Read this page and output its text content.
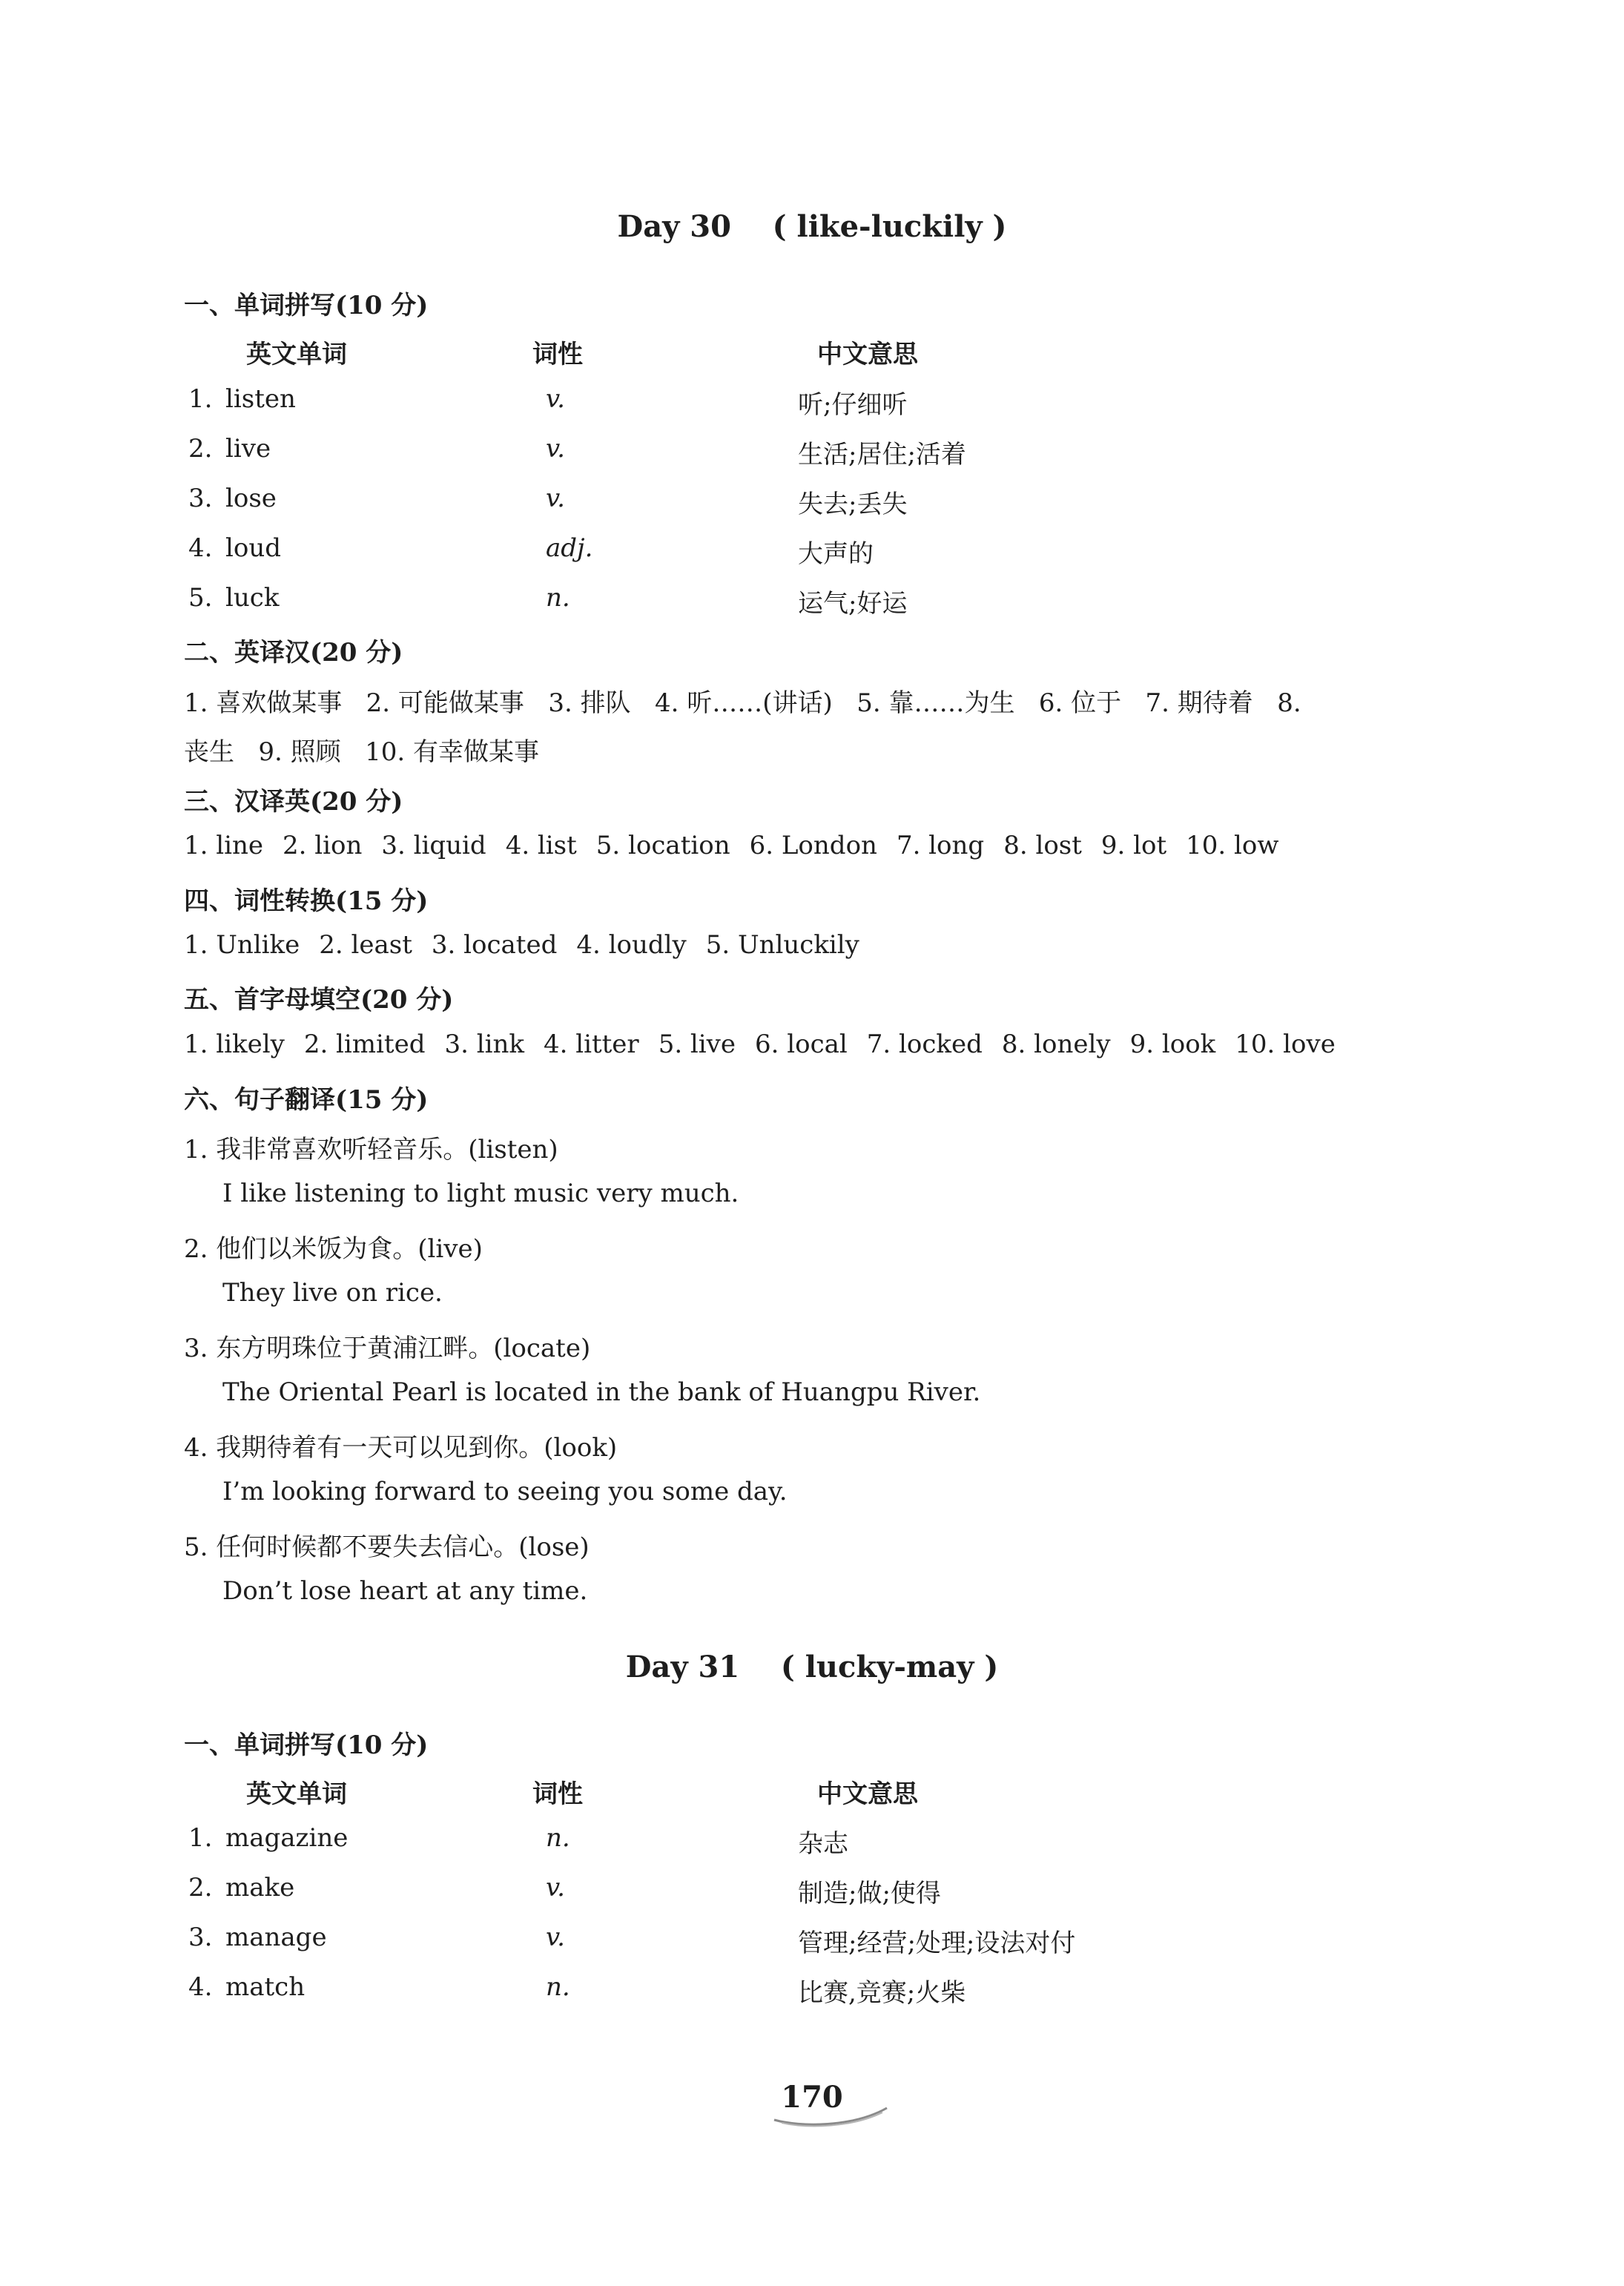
Day 30    ( like-luckily )
一、单词拼写(10 分)
英文单词	词性	中文意思
1. listen	v.	听;仔细听
2. live	v.	生活;居住;活着
3. lose	v.	失去;丢失
4. loud	adj.	大声的
5. luck	n.	运气;好运
二、英译汉(20 分)
1. 喜欢做某事   2. 可能做某事   3. 排队   4. 听……(讲话)   5. 靠……为生   6. 位于   7. 期待着   8.
丧生   9. 照顾   10. 有幸做某事
三、汉译英(20 分)
1. line 2. lion 3. liquid 4. list 5. location 6. London 7. long 8. lost 9. lot 10. low
四、词性转换(15 分)
1. Unlike 2. least 3. located 4. loudly 5. Unluckily
五、首字母填空(20 分)
1. likely 2. limited 3. link 4. litter 5. live 6. local 7. locked 8. lonely 9. look 10. love
六、句子翻译(15 分)
1. 我非常喜欢听轻音乐。(listen)
I like listening to light music very much.
2. 他们以米饭为食。(live)
They live on rice.
3. 东方明珠位于黄浦江畔。(locate)
The Oriental Pearl is located in the bank of Huangpu River.
4. 我期待着有一天可以见到你。(look)
I’m looking forward to seeing you some day.
5. 任何时候都不要失去信心。(lose)
Don’t lose heart at any time.
Day 31    ( lucky-may )
一、单词拼写(10 分)
英文单词	词性	中文意思
1. magazine	n.	杂志
2. make	v.	制造;做;使得
3. manage	v.	管理;经营;处理;设法对付
4. match	n.	比赛,竞赛;火柴
170
